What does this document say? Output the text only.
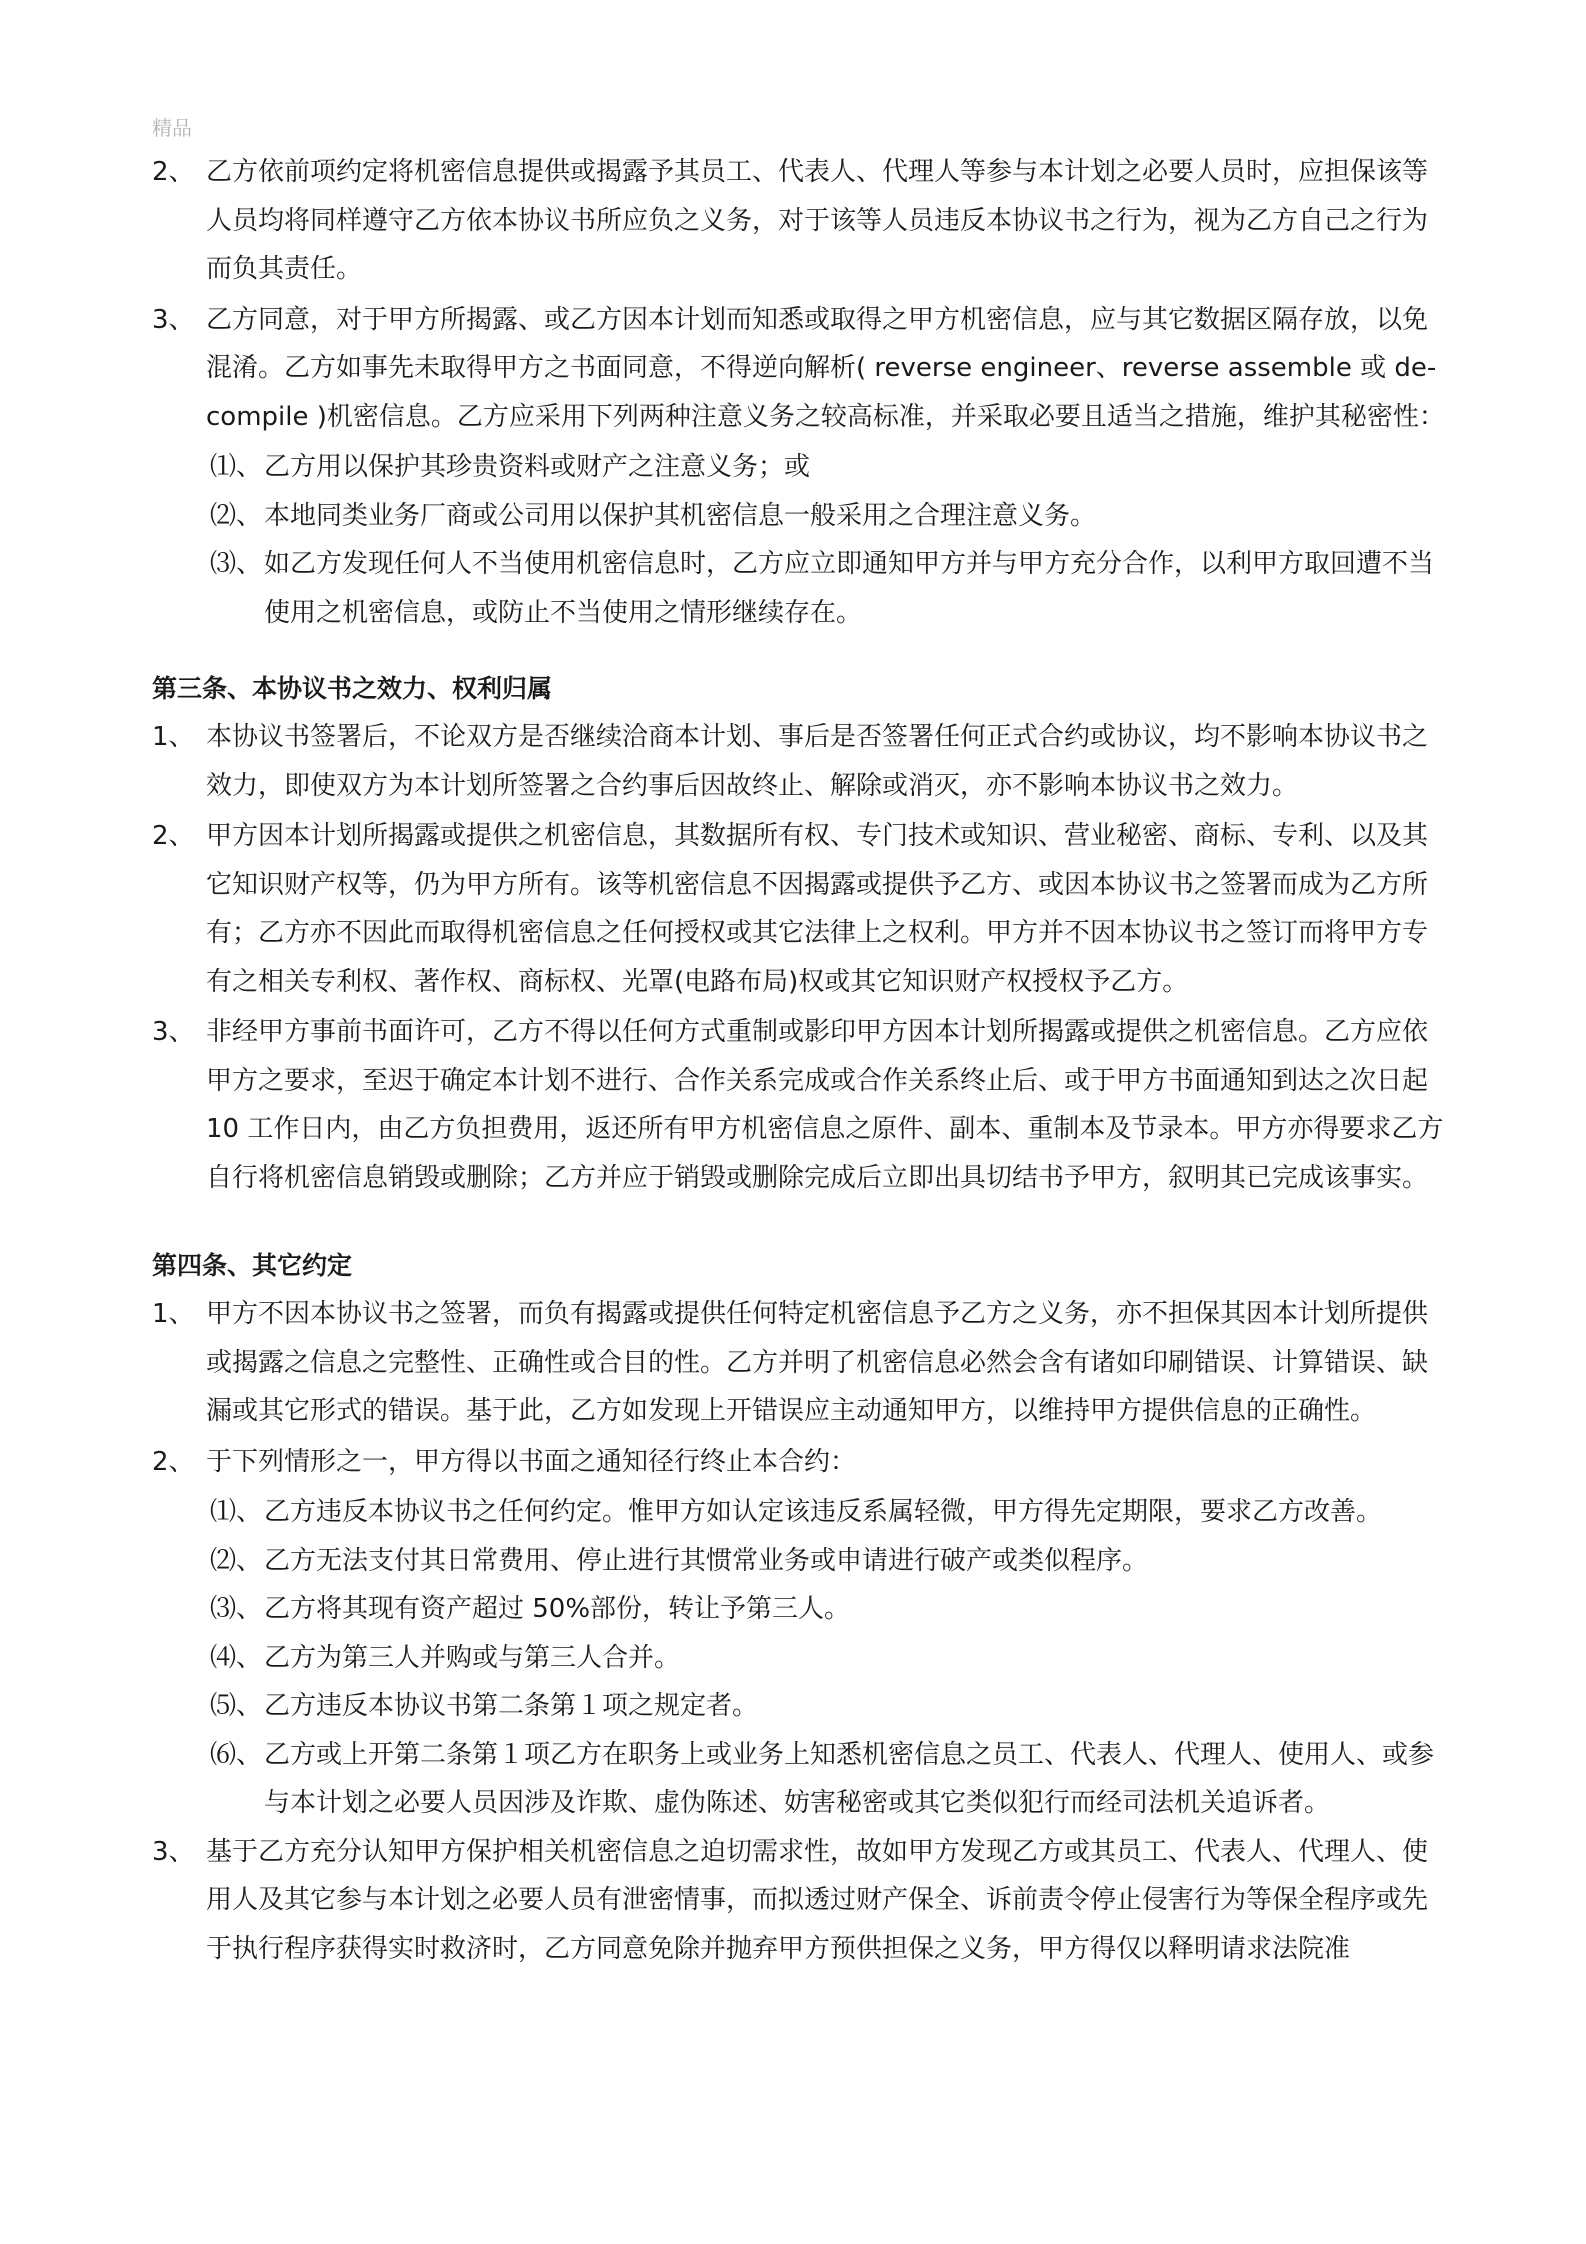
精品
2、 乙方依前项约定将机密信息提供或揭露予其员工、代表人、代理人等参与本计划之必要人员时，应担保该等人员均将同样遵守乙方依本协议书所应负之义务，对于该等人员违反本协议书之行为，视为乙方自己之行为而负其责任。
3、 乙方同意，对于甲方所揭露、或乙方因本计划而知悉或取得之甲方机密信息，应与其它数据区隔存放，以免混淆。乙方如事先未取得甲方之书面同意，不得逆向解析( reverse engineer、reverse assemble 或 de-compile )机密信息。乙方应采用下列两种注意义务之较高标准，并采取必要且适当之措施，维护其秘密性：
⑴、 乙方用以保护其珍贵资料或财产之注意义务；或
⑵、 本地同类业务厂商或公司用以保护其机密信息一般采用之合理注意义务。
⑶、 如乙方发现任何人不当使用机密信息时，乙方应立即通知甲方并与甲方充分合作，以利甲方取回遭不当使用之机密信息，或防止不当使用之情形继续存在。
第三条、本协议书之效力、权利归属
1、 本协议书签署后，不论双方是否继续洽商本计划、事后是否签署任何正式合约或协议，均不影响本协议书之效力，即使双方为本计划所签署之合约事后因故终止、解除或消灭，亦不影响本协议书之效力。
2、 甲方因本计划所揭露或提供之机密信息，其数据所有权、专门技术或知识、营业秘密、商标、专利、以及其它知识财产权等，仍为甲方所有。该等机密信息不因揭露或提供予乙方、或因本协议书之签署而成为乙方所有；乙方亦不因此而取得机密信息之任何授权或其它法律上之权利。甲方并不因本协议书之签订而将甲方专有之相关专利权、著作权、商标权、光罩(电路布局)权或其它知识财产权授权予乙方。
3、 非经甲方事前书面许可，乙方不得以任何方式重制或影印甲方因本计划所揭露或提供之机密信息。乙方应依甲方之要求，至迟于确定本计划不进行、合作关系完成或合作关系终止后、或于甲方书面通知到达之次日起 10 工作日内，由乙方负担费用，返还所有甲方机密信息之原件、副本、重制本及节录本。甲方亦得要求乙方自行将机密信息销毁或删除；乙方并应于销毁或删除完成后立即出具切结书予甲方，叙明其已完成该事实。
第四条、其它约定
1、 甲方不因本协议书之签署，而负有揭露或提供任何特定机密信息予乙方之义务，亦不担保其因本计划所提供或揭露之信息之完整性、正确性或合目的性。乙方并明了机密信息必然会含有诸如印刷错误、计算错误、缺漏或其它形式的错误。基于此，乙方如发现上开错误应主动通知甲方，以维持甲方提供信息的正确性。
2、 于下列情形之一，甲方得以书面之通知径行终止本合约：
⑴、 乙方违反本协议书之任何约定。惟甲方如认定该违反系属轻微，甲方得先定期限，要求乙方改善。
⑵、 乙方无法支付其日常费用、停止进行其惯常业务或申请进行破产或类似程序。
⑶、 乙方将其现有资产超过 50%部份，转让予第三人。
⑷、 乙方为第三人并购或与第三人合并。
⑸、 乙方违反本协议书第二条第１项之规定者。
⑹、 乙方或上开第二条第１项乙方在职务上或业务上知悉机密信息之员工、代表人、代理人、使用人、或参与本计划之必要人员因涉及诈欺、虚伪陈述、妨害秘密或其它类似犯行而经司法机关追诉者。
3、 基于乙方充分认知甲方保护相关机密信息之迫切需求性，故如甲方发现乙方或其员工、代表人、代理人、使用人及其它参与本计划之必要人员有泄密情事，而拟透过财产保全、诉前责令停止侵害行为等保全程序或先于执行程序获得实时救济时，乙方同意免除并抛弃甲方预供担保之义务，甲方得仅以释明请求法院准
